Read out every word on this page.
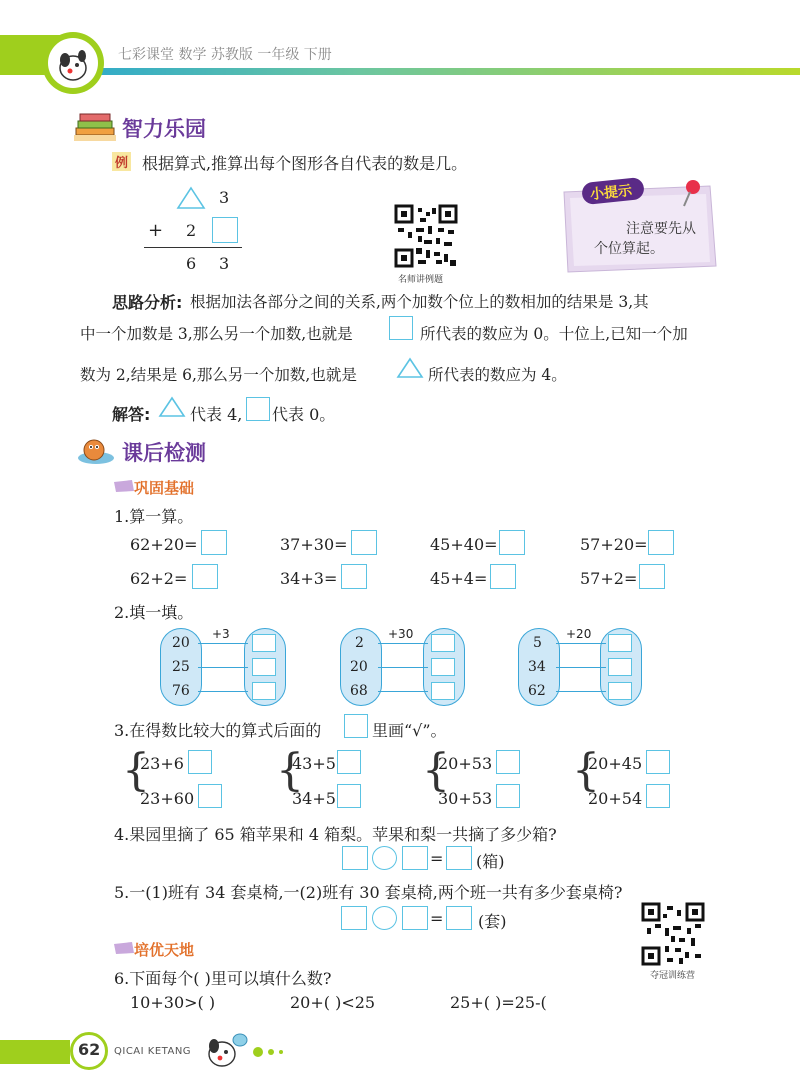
七彩课堂 数学 苏教版 一年级 下册
智力乐园
例 根据算式,推算出每个图形各自代表的数是几。
3
+ 2
6 3
名师讲例题
小提示
注意要先从
个位算起。
思路分析: 根据加法各部分之间的关系,两个加数个位上的数相加的结果是 3,其
中一个加数是 3,那么另一个加数,也就是	所代表的数应为 0。十位上,已知一个加
数为 2,结果是 6,那么另一个加数,也就是	所代表的数应为 4。
解答: 代表 4, 代表 0。
课后检测
巩固基础
1.算一算。
62+20=	37+30=	45+40=	57+20=
62+2=	34+3=	45+4=	57+2=
2.填一填。
+3
20
25
76
+30
2
20
68
+20
5
34
62
3.在得数比较大的算式后面的	里画“√”。
{
23+6
23+60
{
43+5
34+5
{
20+53
30+53
{
20+45
20+54
4.果园里摘了 65 箱苹果和 4 箱梨。苹果和梨一共摘了多少箱?
= (箱)
5.一(1)班有 34 套桌椅,一(2)班有 30 套桌椅,两个班一共有多少套桌椅?
= (套)
夺冠训练营
培优天地
6.下面每个( )里可以填什么数?
10+30>( )	20+( )<25	25+( )=25-(
62 QICAI KETANG
